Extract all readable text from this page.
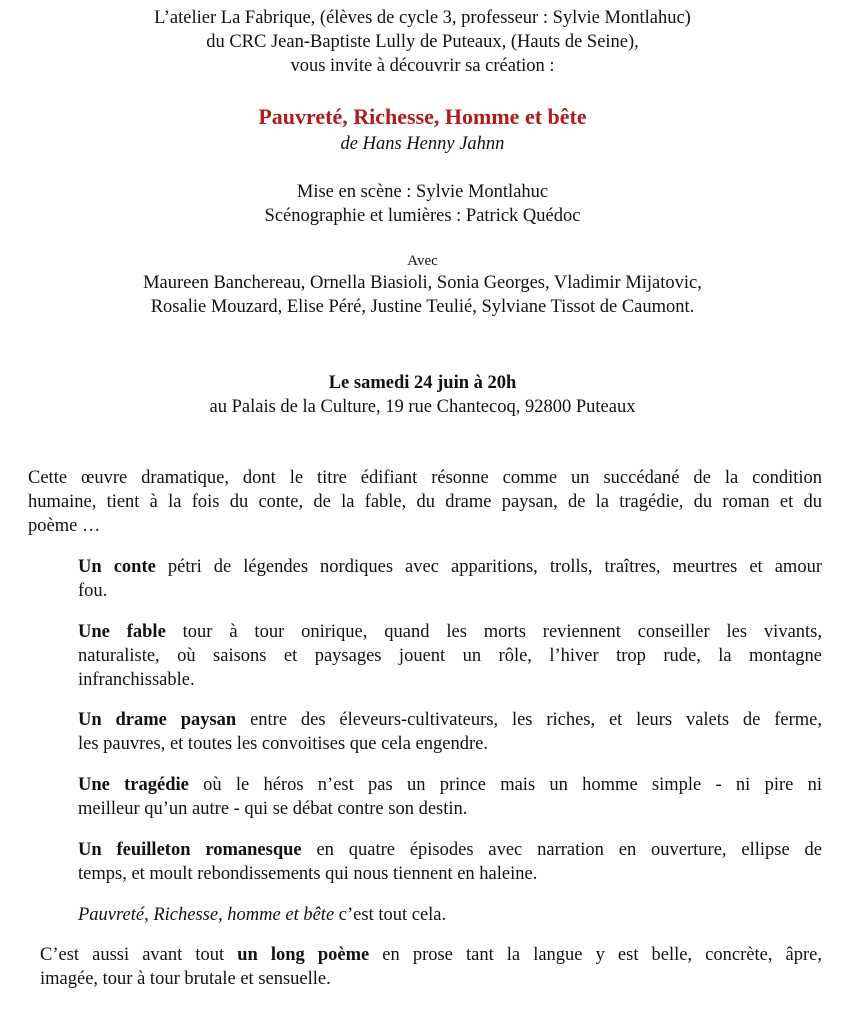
L’atelier La Fabrique, (élèves de cycle 3, professeur : Sylvie Montlahuc)
du CRC Jean-Baptiste Lully de Puteaux, (Hauts de Seine),
vous invite à découvrir sa création :
Pauvreté, Richesse, Homme et bête
de Hans Henny Jahnn
Mise en scène : Sylvie Montlahuc
Scénographie et lumières : Patrick Quédoc
Avec
Maureen Banchereau, Ornella Biasioli, Sonia Georges, Vladimir Mijatovic,
Rosalie Mouzard, Elise Péré, Justine Teulié, Sylviane Tissot de Caumont.
Le samedi 24 juin à 20h
au Palais de la Culture, 19 rue Chantecoq, 92800 Puteaux
Cette œuvre dramatique, dont le titre édifiant résonne comme un succédané de la condition
humaine, tient à la fois du conte, de la fable, du drame paysan, de la tragédie, du roman et du
poème …
Un conte pétri de légendes nordiques avec apparitions, trolls, traîtres, meurtres et amour
fou.
Une fable tour à tour onirique, quand les morts reviennent conseiller les vivants,
naturaliste, où saisons et paysages jouent un rôle, l’hiver trop rude, la montagne
infranchissable.
Un drame paysan entre des éleveurs-cultivateurs, les riches, et leurs valets de ferme,
les pauvres, et toutes les convoitises que cela engendre.
Une tragédie où le héros n’est pas un prince mais un homme simple - ni pire ni
meilleur qu’un autre - qui se débat contre son destin.
Un feuilleton romanesque en quatre épisodes avec narration en ouverture, ellipse de
temps, et moult rebondissements qui nous tiennent en haleine.
Pauvreté, Richesse, homme et bête c’est tout cela.
C’est aussi avant tout un long poème en prose tant la langue y est belle, concrète, âpre,
imagée, tour à tour brutale et sensuelle.
